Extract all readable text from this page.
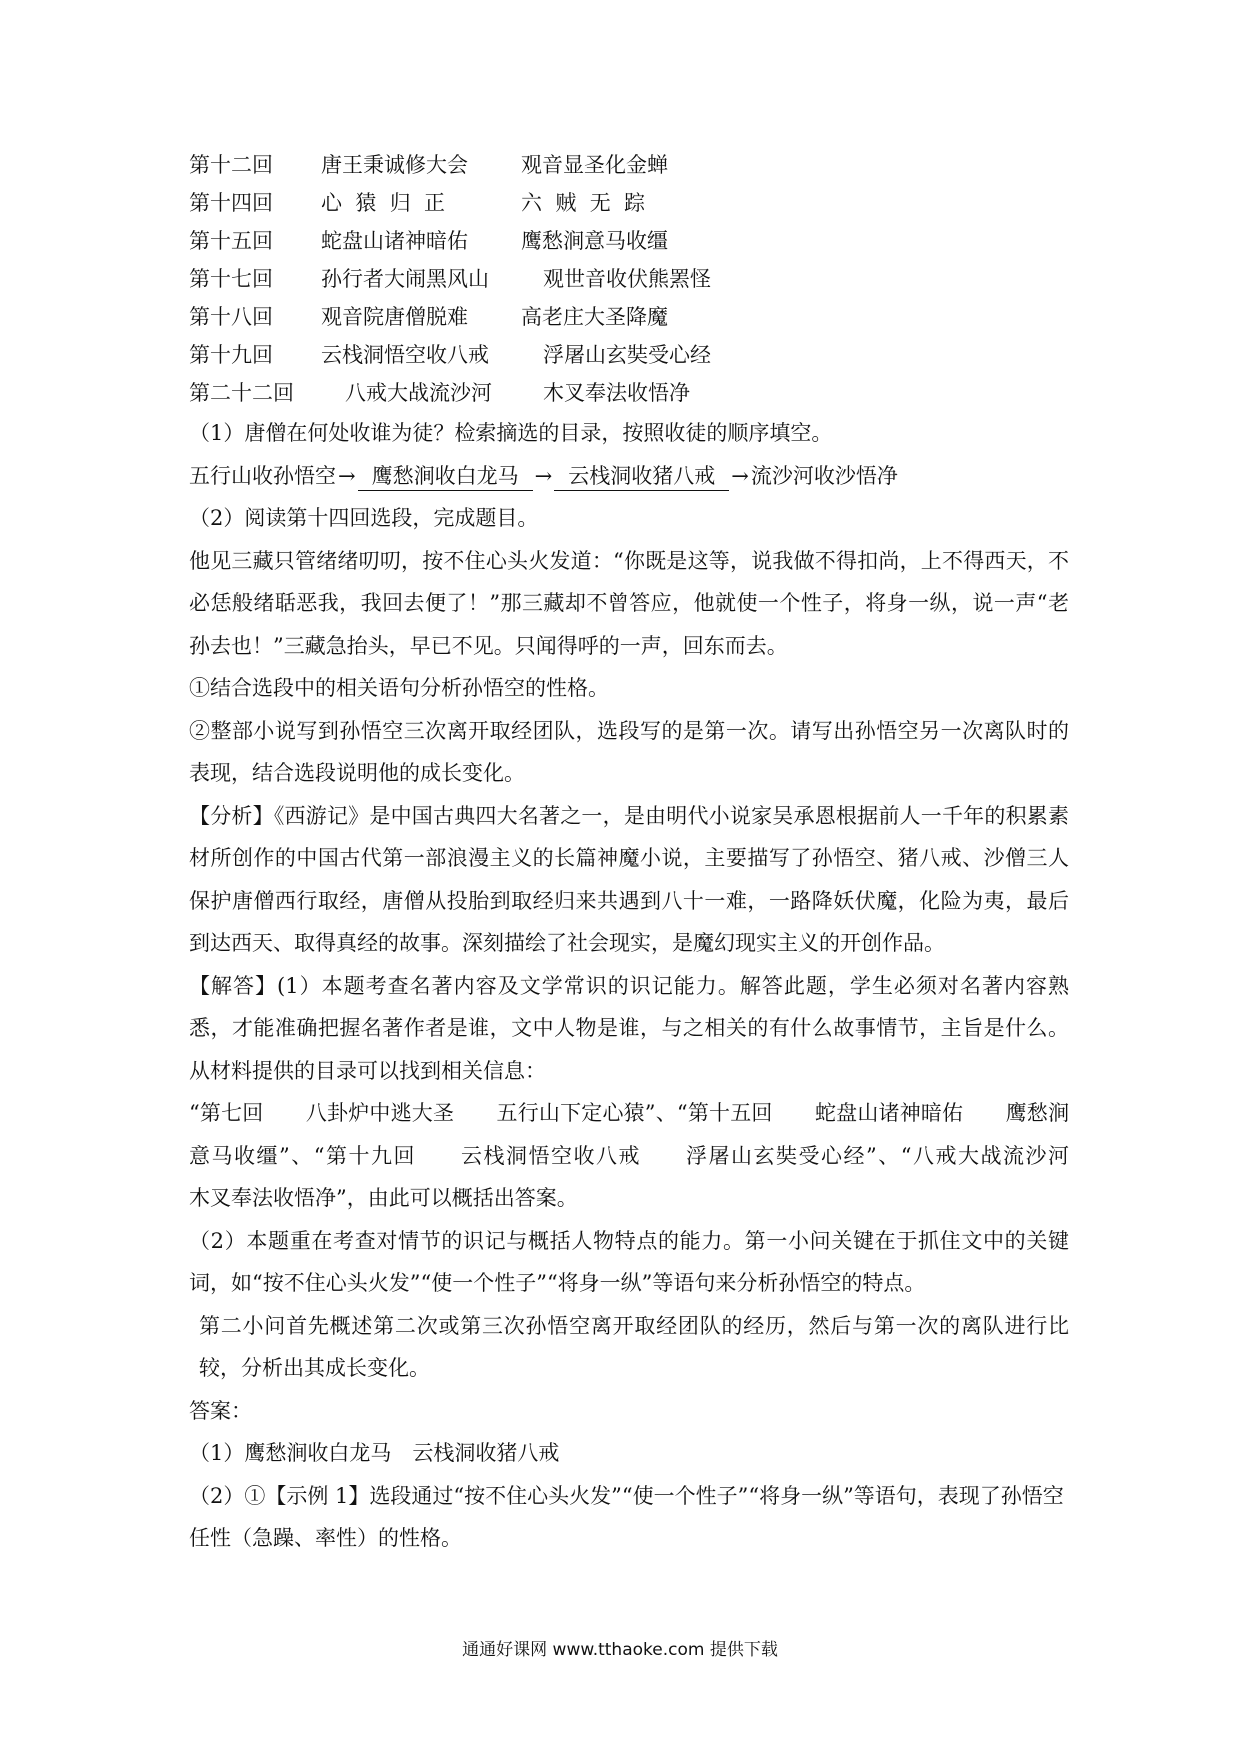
第十二回	唐王秉诚修大会	观音显圣化金蝉
第十四回	心  猿  归  正	六  贼  无  踪
第十五回	蛇盘山诸神暗佑	鹰愁涧意马收缰
第十七回	孙行者大闹黑风山	观世音收伏熊罴怪
第十八回	观音院唐僧脱难	高老庄大圣降魔
第十九回	云栈洞悟空收八戒	浮屠山玄奘受心经
第二十二回	八戒大战流沙河	木叉奉法收悟净

（1）唐僧在何处收谁为徒？检索摘选的目录，按照收徒的顺序填空。

五行山收孙悟空→ 鹰愁涧收白龙马 → 云栈洞收猪八戒 →流沙河收沙悟净

（2）阅读第十四回选段，完成题目。

他见三藏只管绪绪叨叨，按不住心头火发道：“你既是这等，说我做不得扣尚，上不得西天，不必恁般绪聒恶我，我回去便了！”那三藏却不曾答应，他就使一个性子，将身一纵，说一声“老孙去也！”三藏急抬头，早已不见。只闻得呼的一声，回东而去。

①结合选段中的相关语句分析孙悟空的性格。

②整部小说写到孙悟空三次离开取经团队，选段写的是第一次。请写出孙悟空另一次离队时的表现，结合选段说明他的成长变化。

【分析】《西游记》是中国古典四大名著之一，是由明代小说家吴承恩根据前人一千年的积累素材所创作的中国古代第一部浪漫主义的长篇神魔小说，主要描写了孙悟空、猪八戒、沙僧三人保护唐僧西行取经，唐僧从投胎到取经归来共遇到八十一难，一路降妖伏魔，化险为夷，最后到达西天、取得真经的故事。深刻描绘了社会现实，是魔幻现实主义的开创作品。

【解答】(1）本题考查名著内容及文学常识的识记能力。解答此题，学生必须对名著内容熟悉，才能准确把握名著作者是谁，文中人物是谁，与之相关的有什么故事情节，主旨是什么。从材料提供的目录可以找到相关信息：

“第七回　　八卦炉中逃大圣　　五行山下定心猿”、“第十五回　　蛇盘山诸神暗佑　　鹰愁涧意马收缰”、“第十九回　　云栈洞悟空收八戒　　浮屠山玄奘受心经”、“八戒大战流沙河　　木叉奉法收悟净”，由此可以概括出答案。

（2）本题重在考查对情节的识记与概括人物特点的能力。第一小问关键在于抓住文中的关键词，如“按不住心头火发”“使一个性子”“将身一纵”等语句来分析孙悟空的特点。

第二小问首先概述第二次或第三次孙悟空离开取经团队的经历，然后与第一次的离队进行比较，分析出其成长变化。

答案：

（1）鹰愁涧收白龙马　云栈洞收猪八戒

（2）①【示例 1】选段通过“按不住心头火发”“使一个性子”“将身一纵”等语句，表现了孙悟空任性（急躁、率性）的性格。

通通好课网 www.tthaoke.com 提供下载
